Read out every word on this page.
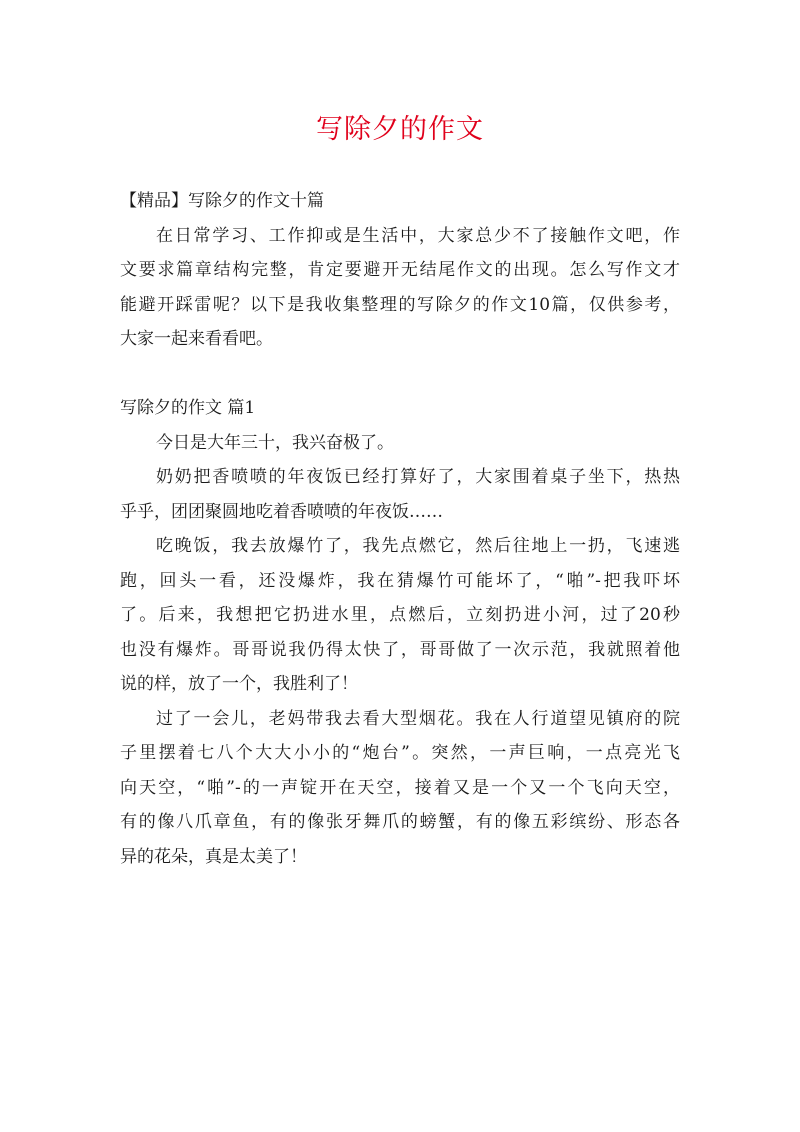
写除夕的作文

【精品】写除夕的作文十篇

在日常学习、工作抑或是生活中，大家总少不了接触作文吧，作

文要求篇章结构完整，肯定要避开无结尾作文的出现。怎么写作文才

能避开踩雷呢？以下是我收集整理的写除夕的作文10篇，仅供参考，

大家一起来看看吧。

写除夕的作文 篇1

今日是大年三十，我兴奋极了。

奶奶把香喷喷的年夜饭已经打算好了，大家围着桌子坐下，热热

乎乎，团团聚圆地吃着香喷喷的年夜饭……

吃晚饭，我去放爆竹了，我先点燃它，然后往地上一扔，飞速逃

跑，回头一看，还没爆炸，我在猜爆竹可能坏了，“啪”-把我吓坏

了。后来，我想把它扔进水里，点燃后，立刻扔进小河，过了20秒

也没有爆炸。哥哥说我仍得太快了，哥哥做了一次示范，我就照着他

说的样，放了一个，我胜利了！

过了一会儿，老妈带我去看大型烟花。我在人行道望见镇府的院

子里摆着七八个大大小小的“炮台”。突然，一声巨响，一点亮光飞

向天空，“啪”-的一声锭开在天空，接着又是一个又一个飞向天空，

有的像八爪章鱼，有的像张牙舞爪的螃蟹，有的像五彩缤纷、形态各

异的花朵，真是太美了！
